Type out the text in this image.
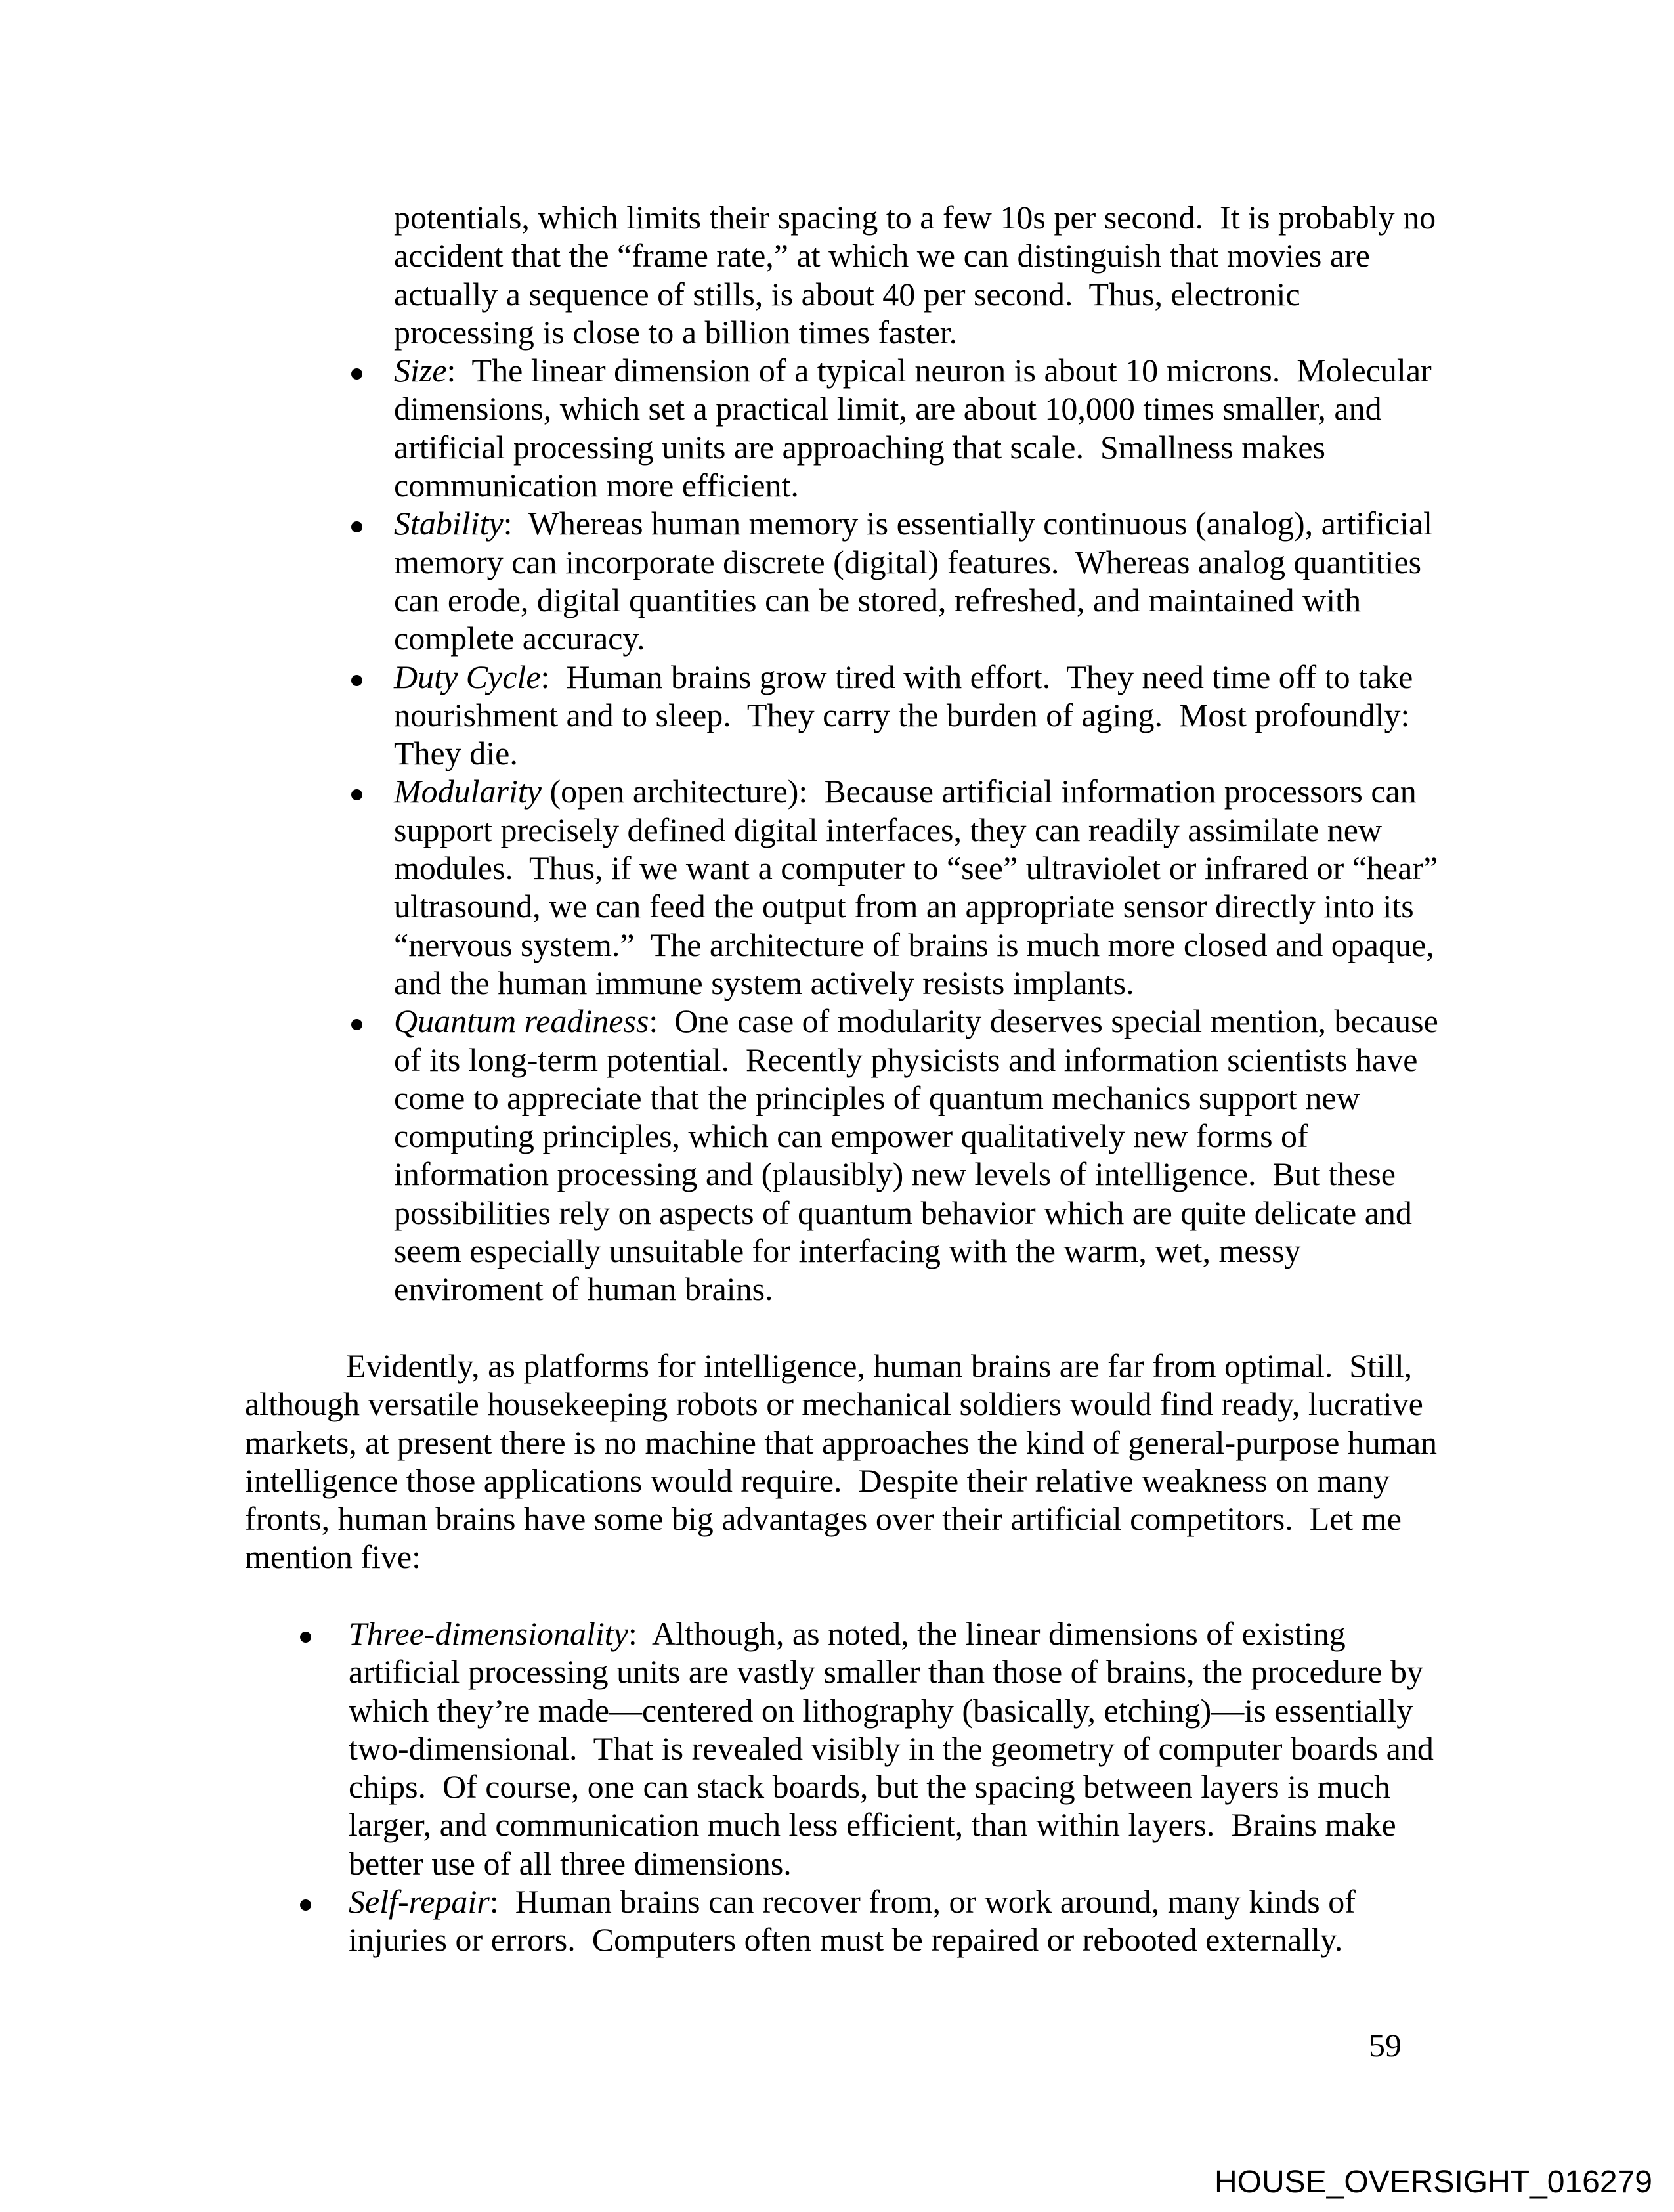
potentials, which limits their spacing to a few 10s per second.  It is probably no accident that the “frame rate,” at which we can distinguish that movies are actually a sequence of stills, is about 40 per second.  Thus, electronic processing is close to a billion times faster.
Size:  The linear dimension of a typical neuron is about 10 microns.  Molecular dimensions, which set a practical limit, are about 10,000 times smaller, and artificial processing units are approaching that scale.  Smallness makes communication more efficient.
Stability:  Whereas human memory is essentially continuous (analog), artificial memory can incorporate discrete (digital) features.  Whereas analog quantities can erode, digital quantities can be stored, refreshed, and maintained with complete accuracy.
Duty Cycle:  Human brains grow tired with effort.  They need time off to take nourishment and to sleep.  They carry the burden of aging.  Most profoundly: They die.
Modularity (open architecture):  Because artificial information processors can support precisely defined digital interfaces, they can readily assimilate new modules.  Thus, if we want a computer to “see” ultraviolet or infrared or “hear” ultrasound, we can feed the output from an appropriate sensor directly into its “nervous system.”  The architecture of brains is much more closed and opaque, and the human immune system actively resists implants.
Quantum readiness:  One case of modularity deserves special mention, because of its long-term potential.  Recently physicists and information scientists have come to appreciate that the principles of quantum mechanics support new computing principles, which can empower qualitatively new forms of information processing and (plausibly) new levels of intelligence.  But these possibilities rely on aspects of quantum behavior which are quite delicate and seem especially unsuitable for interfacing with the warm, wet, messy enviroment of human brains.

Evidently, as platforms for intelligence, human brains are far from optimal.  Still, although versatile housekeeping robots or mechanical soldiers would find ready, lucrative markets, at present there is no machine that approaches the kind of general-purpose human intelligence those applications would require.  Despite their relative weakness on many fronts, human brains have some big advantages over their artificial competitors.  Let me mention five:

Three-dimensionality:  Although, as noted, the linear dimensions of existing artificial processing units are vastly smaller than those of brains, the procedure by which they’re made—centered on lithography (basically, etching)—is essentially two-dimensional.  That is revealed visibly in the geometry of computer boards and chips.  Of course, one can stack boards, but the spacing between layers is much larger, and communication much less efficient, than within layers.  Brains make better use of all three dimensions.
Self-repair:  Human brains can recover from, or work around, many kinds of injuries or errors.  Computers often must be repaired or rebooted externally.
59
HOUSE_OVERSIGHT_016279
